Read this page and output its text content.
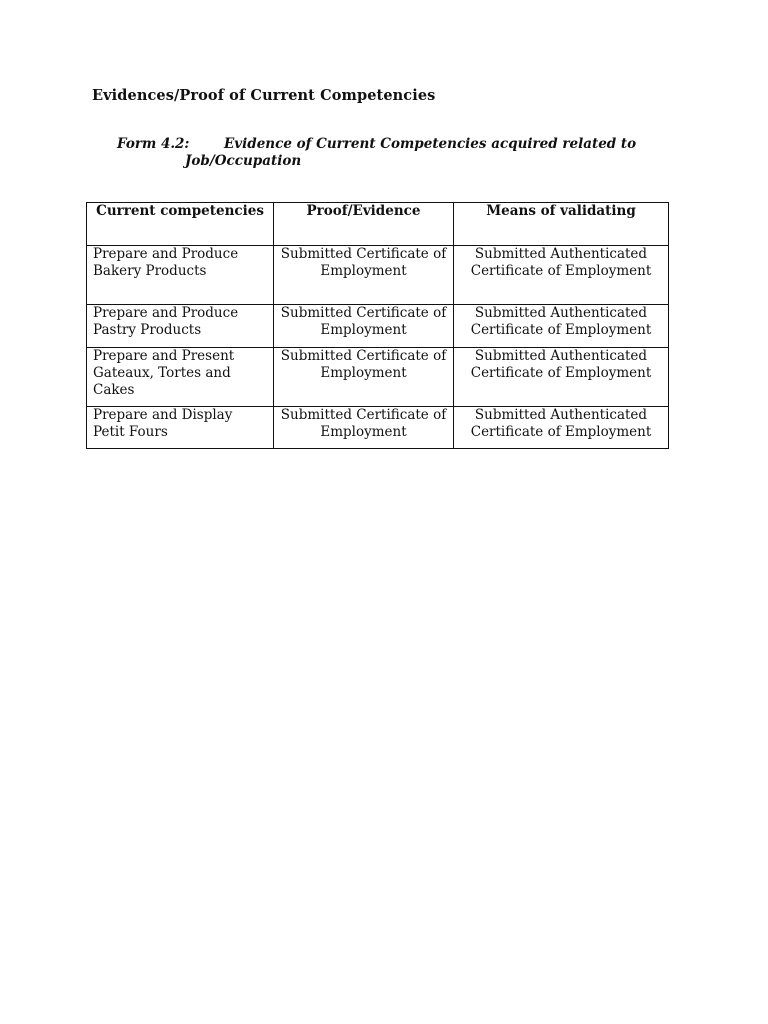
Evidences/Proof of Current Competencies
Form 4.2:	Evidence of Current Competencies acquired related to
Job/Occupation
Current competencies	Proof/Evidence	Means of validating
Prepare and Produce Bakery Products	Submitted Certificate of Employment	Submitted Authenticated Certificate of Employment
Prepare and Produce Pastry Products	Submitted Certificate of Employment	Submitted Authenticated Certificate of Employment
Prepare and Present Gateaux, Tortes and Cakes	Submitted Certificate of Employment	Submitted Authenticated Certificate of Employment
Prepare and Display Petit Fours	Submitted Certificate of Employment	Submitted Authenticated Certificate of Employment
